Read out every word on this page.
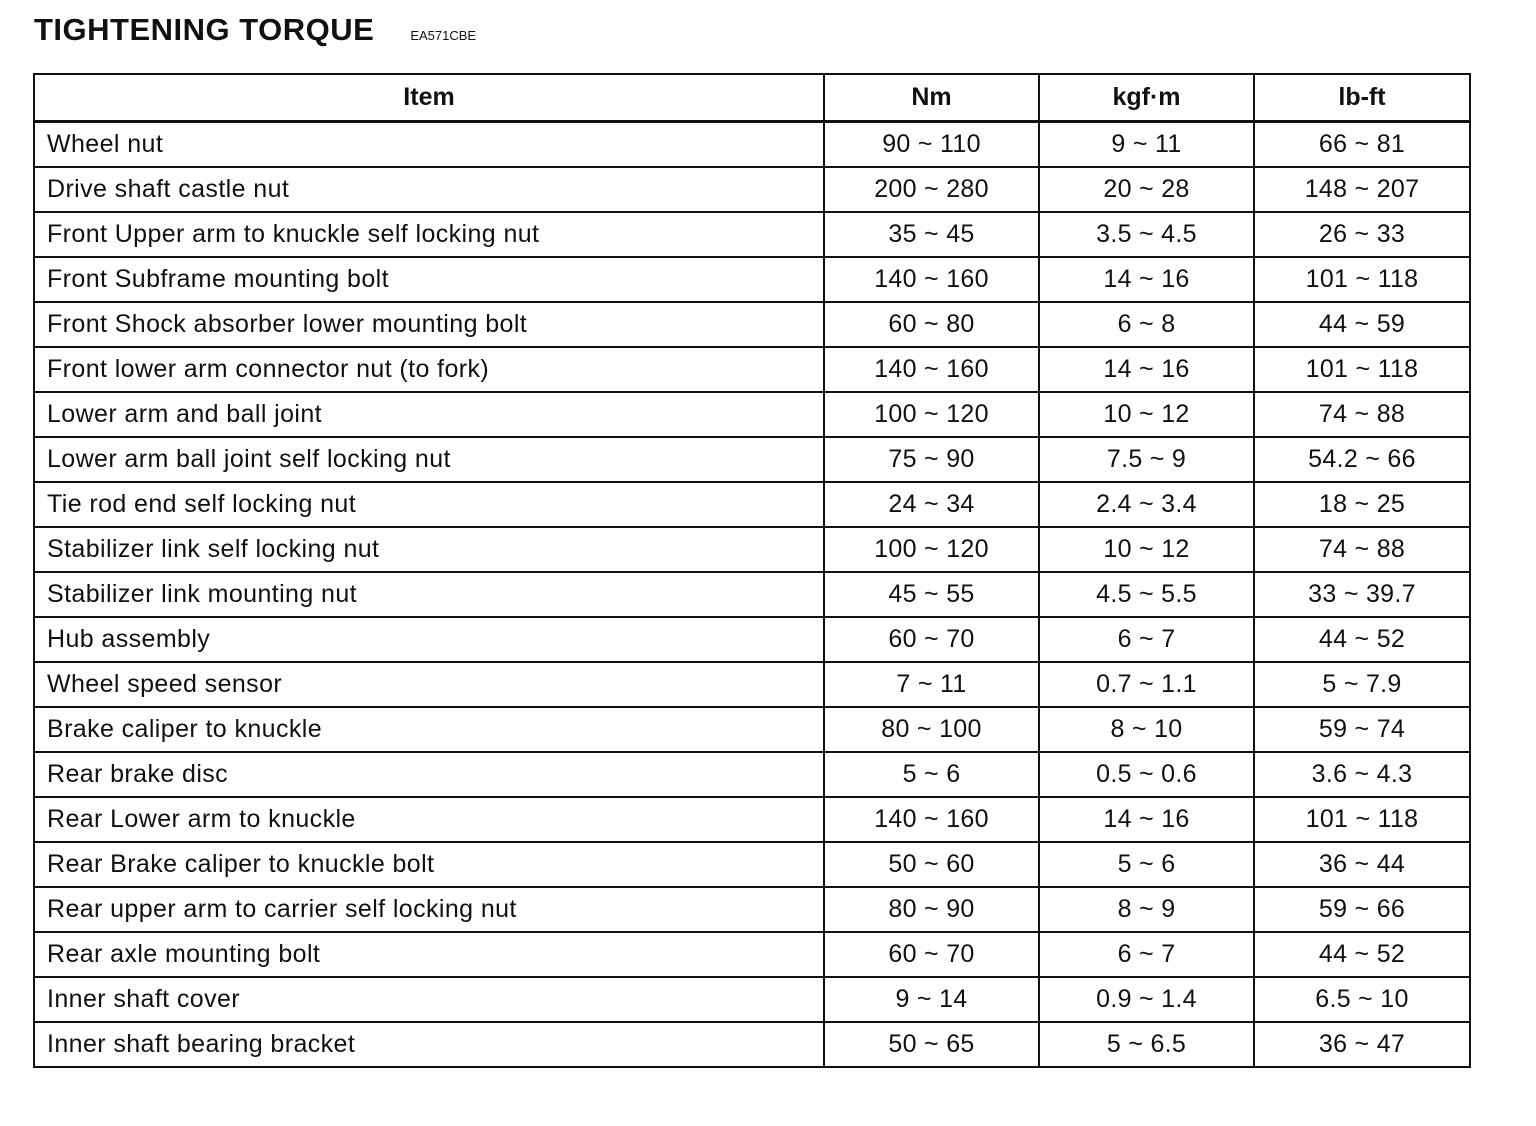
TIGHTENING TORQUE	EA571CBE
Item	Nm	kgf·m	lb-ft
Wheel nut	90 ~ 110	9 ~ 11	66 ~ 81
Drive shaft castle nut	200 ~ 280	20 ~ 28	148 ~ 207
Front Upper arm to knuckle self locking nut	35 ~ 45	3.5 ~ 4.5	26 ~ 33
Front Subframe mounting bolt	140 ~ 160	14 ~ 16	101 ~ 118
Front Shock absorber lower mounting bolt	60 ~ 80	6 ~ 8	44 ~ 59
Front lower arm connector nut (to fork)	140 ~ 160	14 ~ 16	101 ~ 118
Lower arm and ball joint	100 ~ 120	10 ~ 12	74 ~ 88
Lower arm ball joint self locking nut	75 ~ 90	7.5 ~ 9	54.2 ~ 66
Tie rod end self locking nut	24 ~ 34	2.4 ~ 3.4	18 ~ 25
Stabilizer link self locking nut	100 ~ 120	10 ~ 12	74 ~ 88
Stabilizer link mounting nut	45 ~ 55	4.5 ~ 5.5	33 ~ 39.7
Hub assembly	60 ~ 70	6 ~ 7	44 ~ 52
Wheel speed sensor	7 ~ 11	0.7 ~ 1.1	5 ~ 7.9
Brake caliper to knuckle	80 ~ 100	8 ~ 10	59 ~ 74
Rear brake disc	5 ~ 6	0.5 ~ 0.6	3.6 ~ 4.3
Rear Lower arm to knuckle	140 ~ 160	14 ~ 16	101 ~ 118
Rear Brake caliper to knuckle bolt	50 ~ 60	5 ~ 6	36 ~ 44
Rear upper arm to carrier self locking nut	80 ~ 90	8 ~ 9	59 ~ 66
Rear axle mounting bolt	60 ~ 70	6 ~ 7	44 ~ 52
Inner shaft cover	9 ~ 14	0.9 ~ 1.4	6.5 ~ 10
Inner shaft bearing bracket	50 ~ 65	5 ~ 6.5	36 ~ 47
